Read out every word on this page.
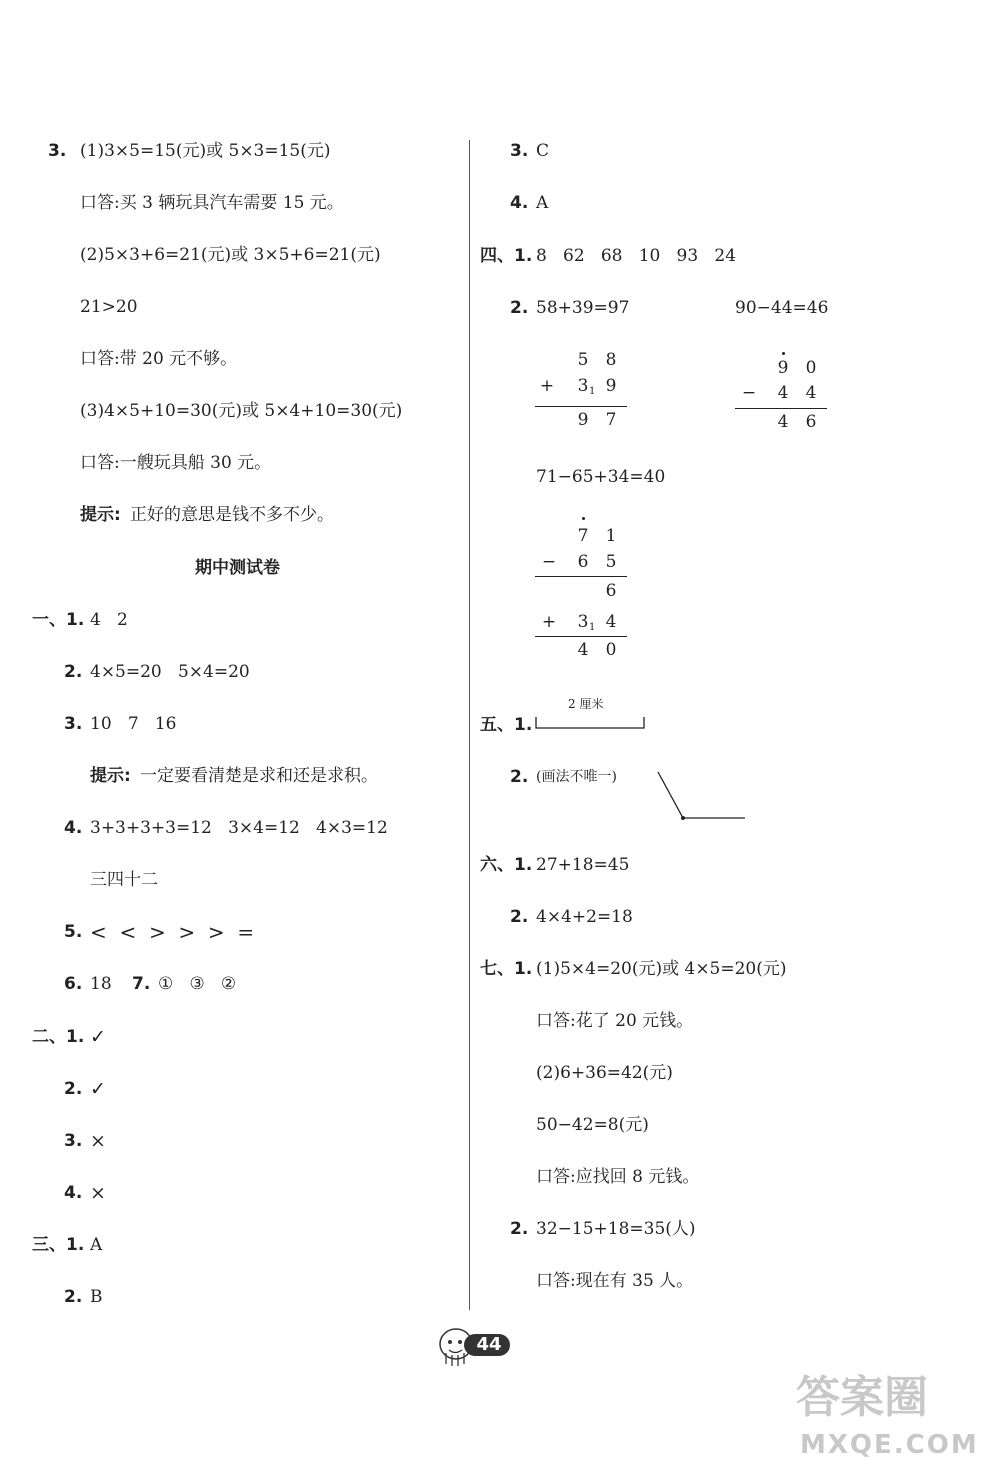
3. (1)3×5=15(元)或 5×3=15(元)
口答:买 3 辆玩具汽车需要 15 元。
(2)5×3+6=21(元)或 3×5+6=21(元)
21>20
口答:带 20 元不够。
(3)4×5+10=30(元)或 5×4+10=30(元)
口答:一艘玩具船 30 元。
提示: 正好的意思是钱不多不少。
期中测试卷
一、1. 4   2
2. 4×5=20   5×4=20
3. 10   7   16
提示: 一定要看清楚是求和还是求积。
4. 3+3+3+3=12   3×4=12   4×3=12
三四十二
5. <  <  >  >  >  =
6. 18 7. ①   ③   ②
二、1. ✓
2. ✓
3. ×
4. ×
三、1. A
2. B
3. C
4. A
四、1. 8   62   68   10   93   24
2. 58+39=97	90−44=46
5 8
+ 3 1 9
9 7
9 0
− 4 4
4 6
71−65+34=40
7 1
− 6 5
6
+ 3 1 4
4 0
五、1.
2 厘米
2. (画法不唯一)
六、1. 27+18=45
2. 4×4+2=18
七、1. (1)5×4=20(元)或 4×5=20(元)
口答:花了 20 元钱。
(2)6+36=42(元)
50−42=8(元)
口答:应找回 8 元钱。
2. 32−15+18=35(人)
口答:现在有 35 人。
44
答案圈
MXQE.COM
